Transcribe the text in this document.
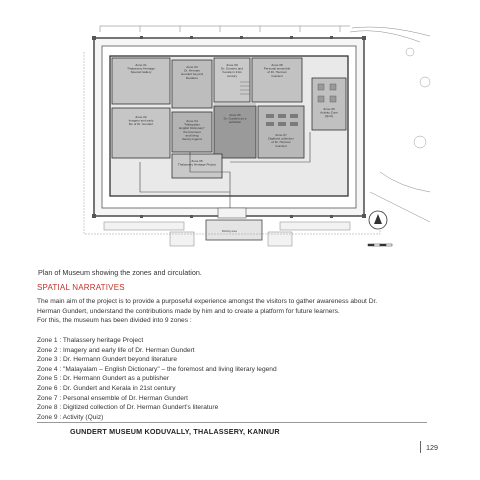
Zone 01 Thalassery Heritage Special Gallery
Zone 09 Dr. Gundert and Kerala in 21st century
Zone 08 Personal ensemble of Dr. Herman Gundert
Zone 03 Dr. Herman Gundert beyond literature
Zone 02 Imagery and early life of Dr. Gundert
Zone 06 Dr. Gundert as a publisher
Zone 07 Digitized collection of Dr. Herman Gundert
Zone 05 Thalassery Heritage Project
Zone 04 "Malayalam English Dictionary" the foremost and living literary legend
Zone 09 Activity Zone (Quiz)
Briefing area
Plan of Museum showing the zones and circulation.
SPATIAL NARRATIVES
The main aim of the project is to provide a purposeful experience amongst the visitors to gather awareness about Dr.
Herman Gundert, understand the contributions made by him and to create a platform for future learners.
For this, the museum has been divided into 9 zones :
Zone 1 : Thalassery heritage Project
Zone 2 : Imagery and early life of Dr. Herman Gundert
Zone 3 : Dr. Hermann Gundert beyond literature
Zone 4 : "Malayalam – English Dictionary" – the foremost and living literary legend
Zone 5 : Dr. Hermann Gundert as a publisher
Zone 6 : Dr. Gundert and Kerala in 21st century
Zone 7 : Personal ensemble of Dr. Herman Gundert
Zone 8 : Digitized collection of Dr. Herman Gundert’s literature
Zone 9 : Activity (Quiz)
GUNDERT MUSEUM KODUVALLY, THALASSERY, KANNUR
129
